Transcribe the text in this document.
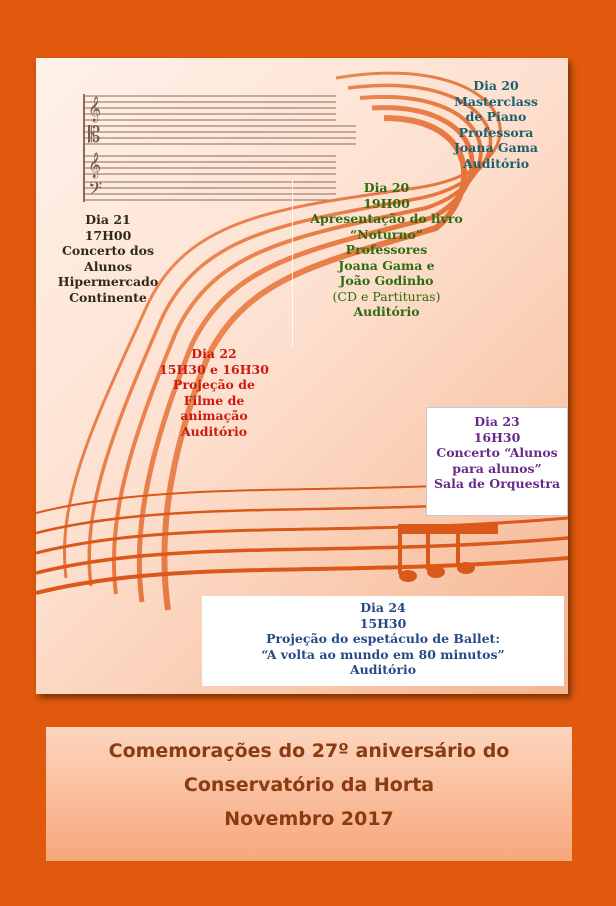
𝄞
𝄡
𝄞
𝄢
Dia 20
Masterclass
de Piano
Professora
Joana Gama
Auditório
Dia 20
19H00
Apresentação do livro
“Noturno”
Professores
Joana Gama e
João Godinho
(CD e Partituras)
Auditório
Dia 21
17H00
Concerto dos
Alunos
Hipermercado
Continente
Dia 22
15H30 e 16H30
Projeção de
Filme de
animação
Auditório
Dia 23
16H30
Concerto “Alunos
para alunos”
Sala de Orquestra
Dia 24
15H30
Projeção do espetáculo de Ballet:
“A volta ao mundo em 80 minutos”
Auditório
Comemorações do 27º aniversário do
Conservatório da Horta
Novembro 2017
